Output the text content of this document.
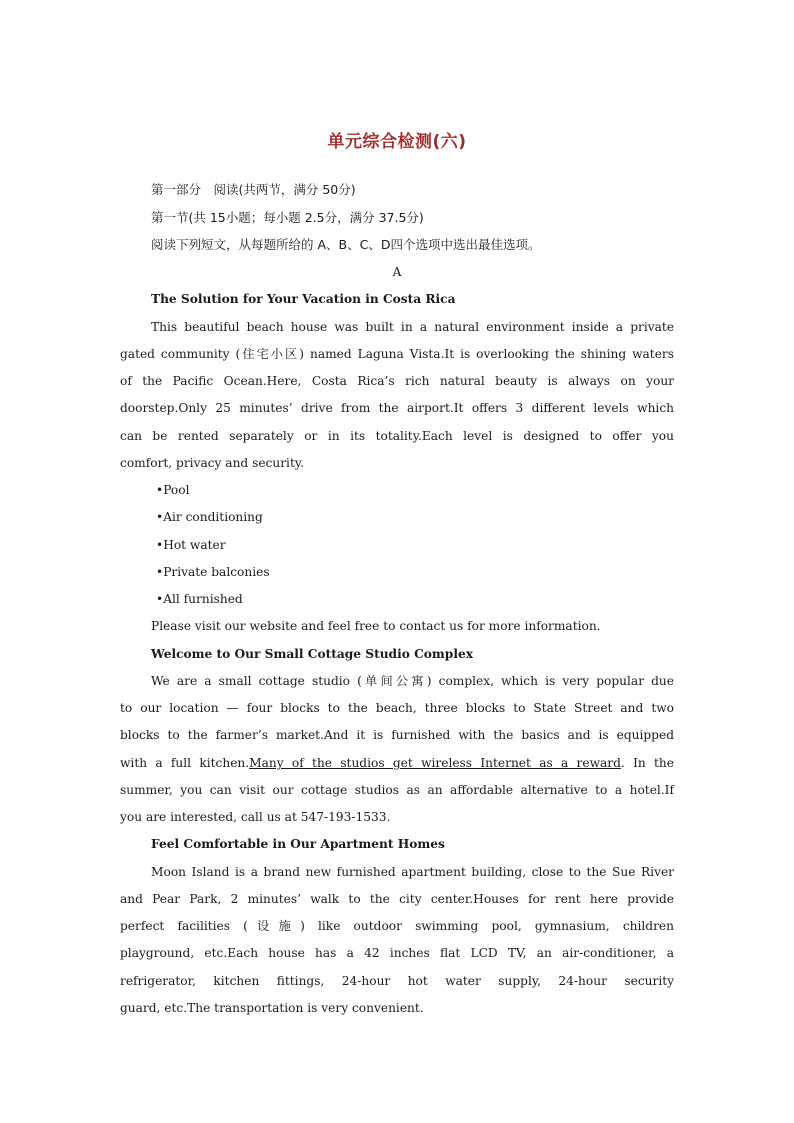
单元综合检测(六)
第一部分　阅读(共两节，满分 50分)
第一节(共 15小题；每小题 2.5分，满分 37.5分)
阅读下列短文，从每题所给的 A、B、C、D四个选项中选出最佳选项。
A
The Solution for Your Vacation in Costa Rica
This beautiful beach house was built in a natural environment inside a private
gated community (住宅小区) named Laguna Vista.It is overlooking the shining waters
of the Pacific Ocean.Here, Costa Rica’s rich natural beauty is always on your
doorstep.Only 25 minutes’ drive from the airport.It offers 3 different levels which
can be rented separately or in its totality.Each level is designed to offer you
comfort, privacy and security.
•Pool
•Air conditioning
•Hot water
•Private balconies
•All furnished
Please visit our website and feel free to contact us for more information.
Welcome to Our Small Cottage Studio Complex
We are a small cottage studio (单间公寓) complex, which is very popular due
to our location — four blocks to the beach, three blocks to State Street and two
blocks to the farmer’s market.And it is furnished with the basics and is equipped
with a full kitchen.Many of the studios get wireless Internet as a reward. In the
summer, you can visit our cottage studios as an affordable alternative to a hotel.If
you are interested, call us at 547-193-1533.
Feel Comfortable in Our Apartment Homes
Moon Island is a brand new furnished apartment building, close to the Sue River
and Pear Park, 2 minutes’ walk to the city center.Houses for rent here provide
perfect facilities (设施) like outdoor swimming pool, gymnasium, children
playground, etc.Each house has a 42 inches flat LCD TV, an air-conditioner, a
refrigerator, kitchen fittings, 24-hour hot water supply, 24-hour security
guard, etc.The transportation is very convenient.
